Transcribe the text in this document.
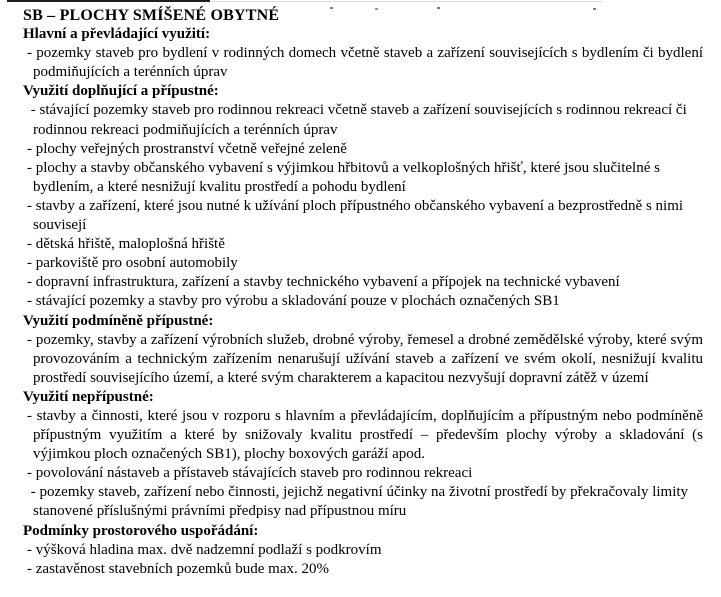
SB – PLOCHY SMÍŠENÉ OBYTNÉ
Hlavní a převládající využití:
- pozemky staveb pro bydlení v rodinných domech včetně staveb a zařízení souvisejících s bydlením či bydlení podmiňujících a terénních úprav
Využití doplňující a přípustné:
- stávající pozemky staveb pro rodinnou rekreaci včetně staveb a zařízení souvisejících s rodinnou rekreací či rodinnou rekreaci podmiňujících a terénních úprav
- plochy veřejných prostranství včetně veřejné zeleně
- plochy a stavby občanského vybavení s výjimkou hřbitovů a velkoplošných hřišť, které jsou slučitelné s bydlením, a které nesnižují kvalitu prostředí a pohodu bydlení
- stavby a zařízení, které jsou nutné k užívání ploch přípustného občanského vybavení a bezprostředně s nimi souvisejí
- dětská hřiště, maloplošná hřiště
- parkoviště pro osobní automobily
- dopravní infrastruktura, zařízení a stavby technického vybavení a přípojek na technické vybavení
- stávající pozemky a stavby pro výrobu a skladování pouze v plochách označených SB1
Využití podmíněně přípustné:
- pozemky, stavby a zařízení výrobních služeb, drobné výroby, řemesel a drobné zemědělské výroby, které svým provozováním a technickým zařízením nenarušují užívání staveb a zařízení ve svém okolí, nesnižují kvalitu prostředí souvisejícího území, a které svým charakterem a kapacitou nezvyšují dopravní zátěž v území
Využití nepřípustné:
- stavby a činnosti, které jsou v rozporu s hlavním a převládajícím, doplňujícím a přípustným nebo podmíněně přípustným využitím a které by snižovaly kvalitu prostředí – především plochy výroby a skladování (s výjimkou ploch označených SB1), plochy boxových garáží apod.
- povolování nástaveb a přístaveb stávajících staveb pro rodinnou rekreaci
- pozemky staveb, zařízení nebo činnosti, jejichž negativní účinky na životní prostředí by překračovaly limity stanovené příslušnými právními předpisy nad přípustnou míru
Podmínky prostorového uspořádání:
- výšková hladina max. dvě nadzemní podlaží s podkrovím
- zastavěnost stavebních pozemků bude max. 20%
